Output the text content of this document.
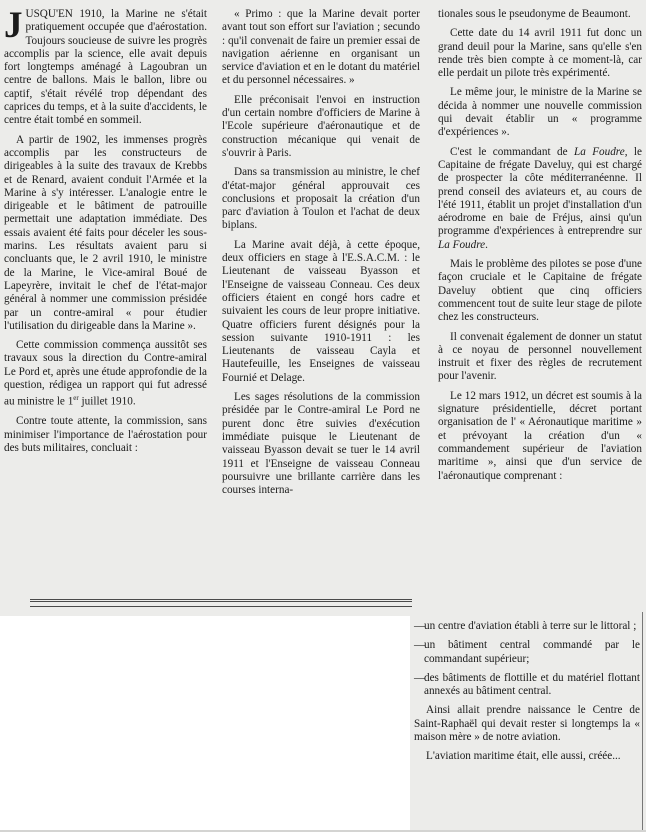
JUSQU'EN 1910, la Marine ne s'était pratiquement occupée que d'aérostation. Toujours soucieuse de suivre les progrès accomplis par la science, elle avait depuis fort longtemps aménagé à Lagoubran un centre de ballons. Mais le ballon, libre ou captif, s'était révélé trop dépendant des caprices du temps, et à la suite d'accidents, le centre était tombé en sommeil.

A partir de 1902, les immenses progrès accomplis par les constructeurs de dirigeables à la suite des travaux de Krebbs et de Renard, avaient conduit l'Armée et la Marine à s'y intéresser. L'analogie entre le dirigeable et le bâtiment de patrouille permettait une adaptation immédiate. Des essais avaient été faits pour déceler les sous-marins. Les résultats avaient paru si concluants que, le 2 avril 1910, le ministre de la Marine, le Vice-amiral Boué de Lapeyrère, invitait le chef de l'état-major général à nommer une commission présidée par un contre-amiral « pour étudier l'utilisation du dirigeable dans la Marine ».

Cette commission commença aussitôt ses travaux sous la direction du Contre-amiral Le Pord et, après une étude approfondie de la question, rédigea un rapport qui fut adressé au ministre le 1er juillet 1910.

Contre toute attente, la commission, sans minimiser l'importance de l'aérostation pour des buts militaires, concluait :

« Primo : que la Marine devait porter avant tout son effort sur l'aviation ; secundo : qu'il convenait de faire un premier essai de navigation aérienne en organisant un service d'aviation et en le dotant du matériel et du personnel nécessaires. »

Elle préconisait l'envoi en instruction d'un certain nombre d'officiers de Marine à l'Ecole supérieure d'aéronautique et de construction mécanique qui venait de s'ouvrir à Paris.

Dans sa transmission au ministre, le chef d'état-major général approuvait ces conclusions et proposait la création d'un parc d'aviation à Toulon et l'achat de deux biplans.

La Marine avait déjà, à cette époque, deux officiers en stage à l'E.S.A.C.M. : le Lieutenant de vaisseau Byasson et l'Enseigne de vaisseau Conneau. Ces deux officiers étaient en congé hors cadre et suivaient les cours de leur propre initiative. Quatre officiers furent désignés pour la session suivante 1910-1911 : les Lieutenants de vaisseau Cayla et Hautefeuille, les Enseignes de vaisseau Fournié et Delage.

Les sages résolutions de la commission présidée par le Contre-amiral Le Pord ne purent donc être suivies d'exécution immédiate puisque le Lieutenant de vaisseau Byasson devait se tuer le 14 avril 1911 et l'Enseigne de vaisseau Conneau poursuivre une brillante carrière dans les courses interna-

tionales sous le pseudonyme de Beaumont.

Cette date du 14 avril 1911 fut donc un grand deuil pour la Marine, sans qu'elle s'en rende très bien compte à ce moment-là, car elle perdait un pilote très expérimenté.

Le même jour, le ministre de la Marine se décida à nommer une nouvelle commission qui devait établir un « programme d'expériences ».

C'est le commandant de La Foudre, le Capitaine de frégate Daveluy, qui est chargé de prospecter la côte méditerranéenne. Il prend conseil des aviateurs et, au cours de l'été 1911, établit un projet d'installation d'un aérodrome en baie de Fréjus, ainsi qu'un programme d'expériences à entreprendre sur La Foudre.

Mais le problème des pilotes se pose d'une façon cruciale et le Capitaine de frégate Daveluy obtient que cinq officiers commencent tout de suite leur stage de pilote chez les constructeurs.

Il convenait également de donner un statut à ce noyau de personnel nouvellement instruit et fixer des règles de recrutement pour l'avenir.

Le 12 mars 1912, un décret est soumis à la signature présidentielle, décret portant organisation de l' « Aéronautique maritime » et prévoyant la création d'un « commandement supérieur de l'aviation maritime », ainsi que d'un service de l'aéronautique comprenant :

—
un centre d'aviation établi à terre sur le littoral ;

—
un bâtiment central commandé par le commandant supérieur;

—
des bâtiments de flottille et du matériel flottant annexés au bâtiment central.

Ainsi allait prendre naissance le Centre de Saint-Raphaël qui devait rester si longtemps la « maison mère » de notre aviation.

L'aviation maritime était, elle aussi, créée...
